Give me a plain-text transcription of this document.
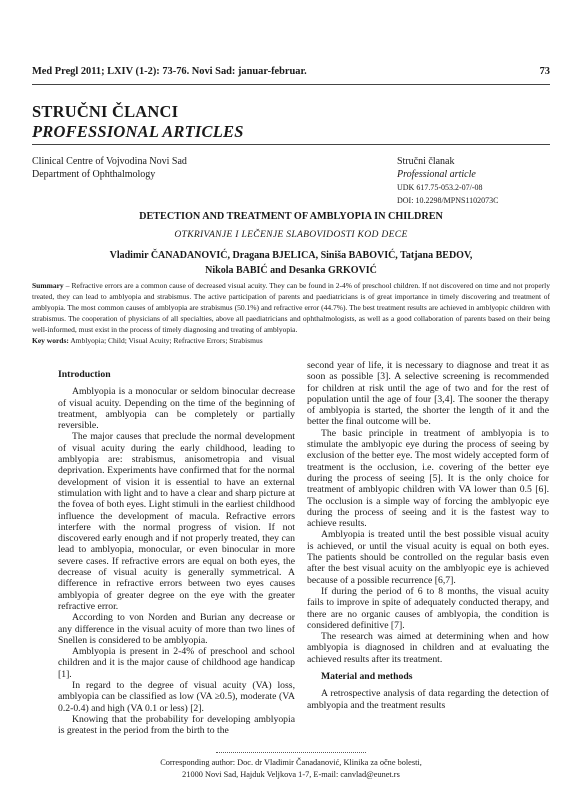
Med Pregl 2011; LXIV (1-2): 73-76. Novi Sad: januar-februar.	73
STRUČNI ČLANCI
PROFESSIONAL ARTICLES
Clinical Centre of Vojvodina Novi Sad
Department of Ophthalmology
Stručni članak
Professional article
UDK 617.75-053.2-07/-08
DOI: 10.2298/MPNS1102073C
DETECTION AND TREATMENT OF AMBLYOPIA IN CHILDREN
OTKRIVANJE I LEČENJE SLABOVIDOSTI KOD DECE
Vladimir ČANADANOVIĆ, Dragana BJELICA, Siniša BABOVIĆ, Tatjana BEDOV,
Nikola BABIĆ and Desanka GRKOVIĆ
Summary – Refractive errors are a common cause of decreased visual acuity. They can be found in 2-4% of preschool children. If not discovered on time and not properly treated, they can lead to amblyopia and strabismus. The active participation of parents and paediatricians is of great importance in timely discovering and treatment of amblyopia. The most common causes of amblyopia are strabismus (50.1%) and refractive error (44.7%). The best treatment results are achieved in amblyopic children with strabismus. The cooperation of physicians of all specialties, above all paediatricians and ophthalmologists, as well as a good collaboration of parents based on their being well-informed, must exist in the process of timely diagnosing and treating of amblyopia.
Key words: Amblyopia; Child; Visual Acuity; Refractive Errors; Strabismus
Introduction

Amblyopia is a monocular or seldom binocular decrease of visual acuity. Depending on the time of the beginning of treatment, amblyopia can be completely or partially reversible.

The major causes that preclude the normal development of visual acuity during the early childhood, leading to amblyopia are: strabismus, anisometropia and visual deprivation. Experiments have confirmed that for the normal development of vision it is essential to have an external stimulation with light and to have a clear and sharp picture at the fovea of both eyes. Light stimuli in the earliest childhood influence the development of macula. Refractive errors interfere with the normal progress of vision. If not discovered early enough and if not properly treated, they can lead to amblyopia, monocular, or even binocular in more severe cases. If refractive errors are equal on both eyes, the decrease of visual acuity is generally symmetrical. A difference in refractive errors between two eyes causes amblyopia of greater degree on the eye with the greater refractive error.

According to von Norden and Burian any decrease or any difference in the visual acuity of more than two lines of Snellen is considered to be amblyopia.

Amblyopia is present in 2-4% of preschool and school children and it is the major cause of childhood age handicap [1].

In regard to the degree of visual acuity (VA) loss, amblyopia can be classified as low (VA ≥0.5), moderate (VA 0.2-0.4) and high (VA 0.1 or less) [2].

Knowing that the probability for developing amblyopia is greatest in the period from the birth to the

second year of life, it is necessary to diagnose and treat it as soon as possible [3]. A selective screening is recommended for children at risk until the age of two and for the rest of population until the age of four [3,4]. The sooner the therapy of amblyopia is started, the shorter the length of it and the better the final outcome will be.

The basic principle in treatment of amblyopia is to stimulate the amblyopic eye during the process of seeing by exclusion of the better eye. The most widely accepted form of treatment is the occlusion, i.e. covering of the better eye during the process of seeing [5]. It is the only choice for treatment of amblyopic children with VA lower than 0.5 [6]. The occlusion is a simple way of forcing the amblyopic eye during the process of seeing and it is the fastest way to achieve results.

Amblyopia is treated until the best possible visual acuity is achieved, or until the visual acuity is equal on both eyes. The patients should be controlled on the regular basis even after the best visual acuity on the amblyopic eye is achieved because of a possible recurrence [6,7].

If during the period of 6 to 8 months, the visual acuity fails to improve in spite of adequately conducted therapy, and there are no organic causes of amblyopia, the condition is considered definitive [7].

The research was aimed at determining when and how amblyopia is diagnosed in children and at evaluating the achieved results after its treatment.

Material and methods

A retrospective analysis of data regarding the detection of amblyopia and the treatment results

Corresponding author: Doc. dr Vladimir Čanadanović, Klinika za očne bolesti,
21000 Novi Sad, Hajduk Veljkova 1-7, E-mail: canvlad@eunet.rs
